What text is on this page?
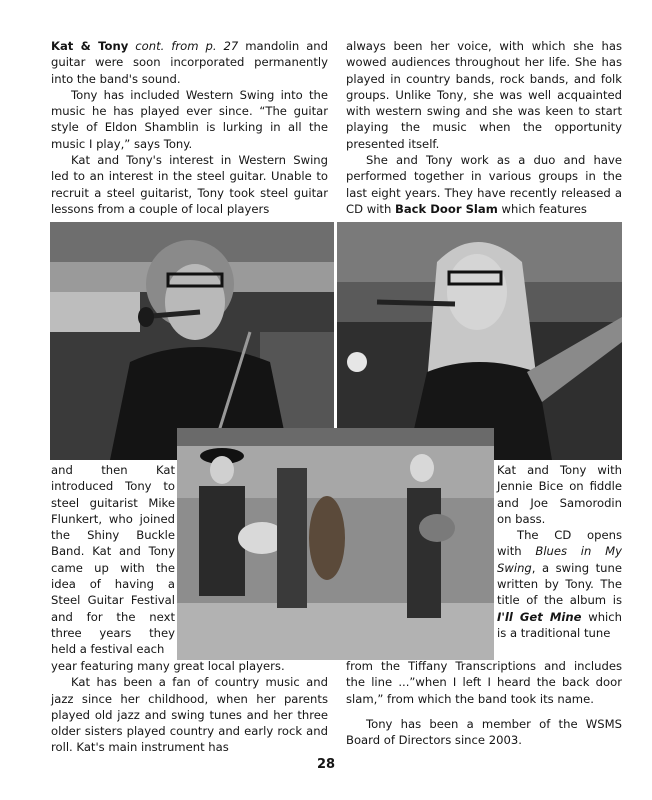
Kat & Tony cont. from p. 27 mandolin and guitar were soon incorporated permanently into the band's sound.

Tony has included Western Swing into the music he has played ever since. “The guitar style of Eldon Shamblin is lurking in all the music I play,” says Tony.

Kat and Tony's interest in Western Swing led to an interest in the steel guitar. Unable to recruit a steel guitarist, Tony took steel guitar lessons from a couple of local players

always been her voice, with which she has wowed audiences throughout her life. She has played in country bands, rock bands, and folk groups. Unlike Tony, she was well acquainted with western swing and she was keen to start playing the music when the opportunity presented itself.

She and Tony work as a duo and have performed together in various groups in the last eight years. They have recently released a CD with Back Door Slam which features

and then Kat introduced Tony to steel guitarist Mike Flunkert, who joined the Shiny Buckle Band. Kat and Tony came up with the idea of having a Steel Guitar Festival and for the next three years they held a festival each

Kat and Tony with Jennie Bice on fiddle and Joe Samorodin on bass.

The CD opens with Blues in My Swing, a swing tune written by Tony. The title of the album is I'll Get Mine which is a traditional tune

year featuring many great local players.

Kat has been a fan of country music and jazz since her childhood, when her parents played old jazz and swing tunes and her three older sisters played country and early rock and roll. Kat's main instrument has

from the Tiffany Transcriptions and includes the line ...”when I left I heard the back door slam,” from which the band took its name.

Tony has been a member of the WSMS Board of Directors since 2003.

28
